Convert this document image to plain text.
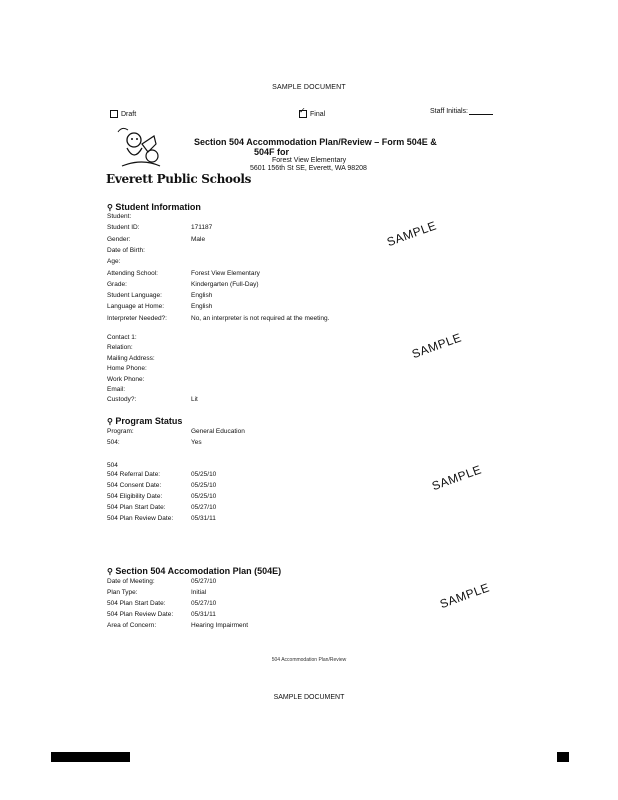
SAMPLE DOCUMENT
Draft
✓	Final	Staff Initials:
Everett Public Schools
Section 504 Accommodation Plan/Review – Form 504E &
504F for
Forest View Elementary
5601 156th St SE, Everett, WA 98208
⚲ Student Information
Student:
Student ID:	171187
Gender:	Male
Date of Birth:
Age:
Attending School:	Forest View Elementary
Grade:	Kindergarten (Full-Day)
Student Language:	English
Language at Home:	English
Interpreter Needed?:	No, an interpreter is not required at the meeting.
Contact 1:
Relation:
Mailing Address:
Home Phone:
Work Phone:
Email:
Custody?:	Lit
⚲ Program Status
Program:	General Education
504:	Yes
504
504 Referral Date:	05/25/10
504 Consent Date:	05/25/10
504 Eligibility Date:	05/25/10
504 Plan Start Date:	05/27/10
504 Plan Review Date:	05/31/11
⚲ Section 504 Accomodation Plan (504E)
Date of Meeting:	05/27/10
Plan Type:	Initial
504 Plan Start Date:	05/27/10
504 Plan Review Date:	05/31/11
Area of Concern:	Hearing Impairment
SAMPLE
SAMPLE
SAMPLE
SAMPLE
504 Accommodation Plan/Review
SAMPLE DOCUMENT
